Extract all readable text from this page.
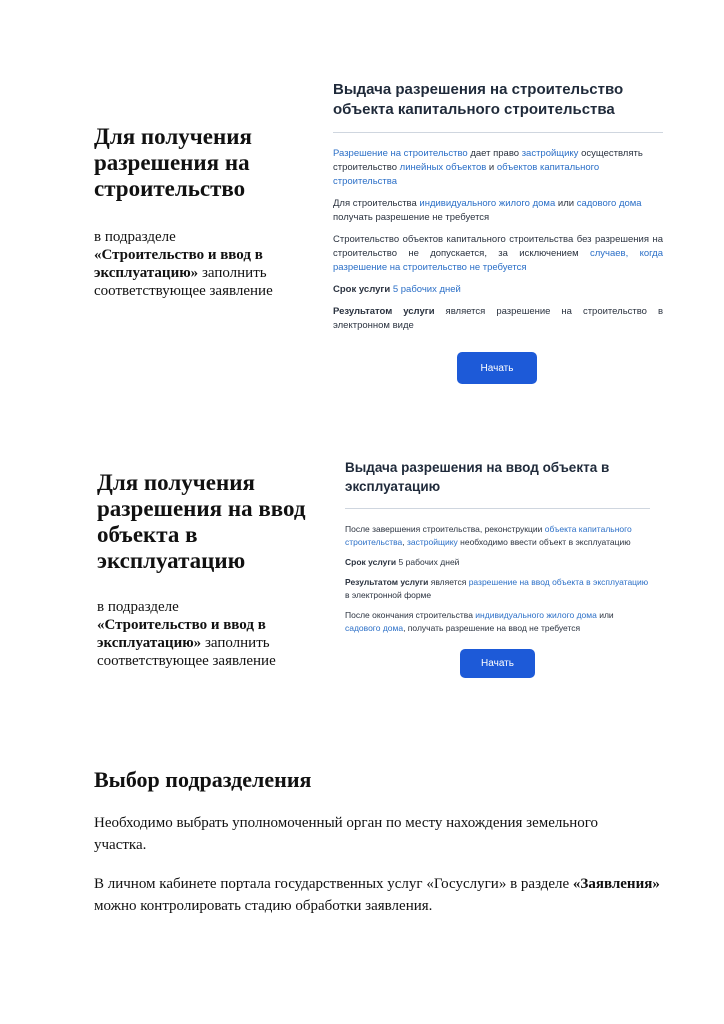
Для получения
разрешения на
строительство
в подразделе
«Строительство и ввод в эксплуатацию» заполнить соответствующее заявление
Выдача разрешения на строительство объекта капитального строительства

Разрешение на строительство дает право застройщику осуществлять строительство линейных объектов и объектов капитального строительства

Для строительства индивидуального жилого дома или садового дома получать разрешение не требуется

Строительство объектов капитального строительства без разрешения на строительство не допускается, за исключением случаев, когда разрешение на строительство не требуется

Срок услуги 5 рабочих дней

Результатом услуги является разрешение на строительство в электронном виде

Начать
Для получения
разрешения на ввод
объекта в
эксплуатацию
в подразделе
«Строительство и ввод в эксплуатацию» заполнить соответствующее заявление
Выдача разрешения на ввод объекта в эксплуатацию

После завершения строительства, реконструкции объекта капитального строительства, застройщику необходимо ввести объект в эксплуатацию

Срок услуги 5 рабочих дней

Результатом услуги является разрешение на ввод объекта в эксплуатацию в электронной форме

После окончания строительства индивидуального жилого дома или садового дома, получать разрешение на ввод не требуется

Начать
Выбор подразделения
Необходимо выбрать уполномоченный орган по месту нахождения земельного участка.
В личном кабинете портала государственных услуг «Госуслуги» в разделе «Заявления» можно контролировать стадию обработки заявления.
